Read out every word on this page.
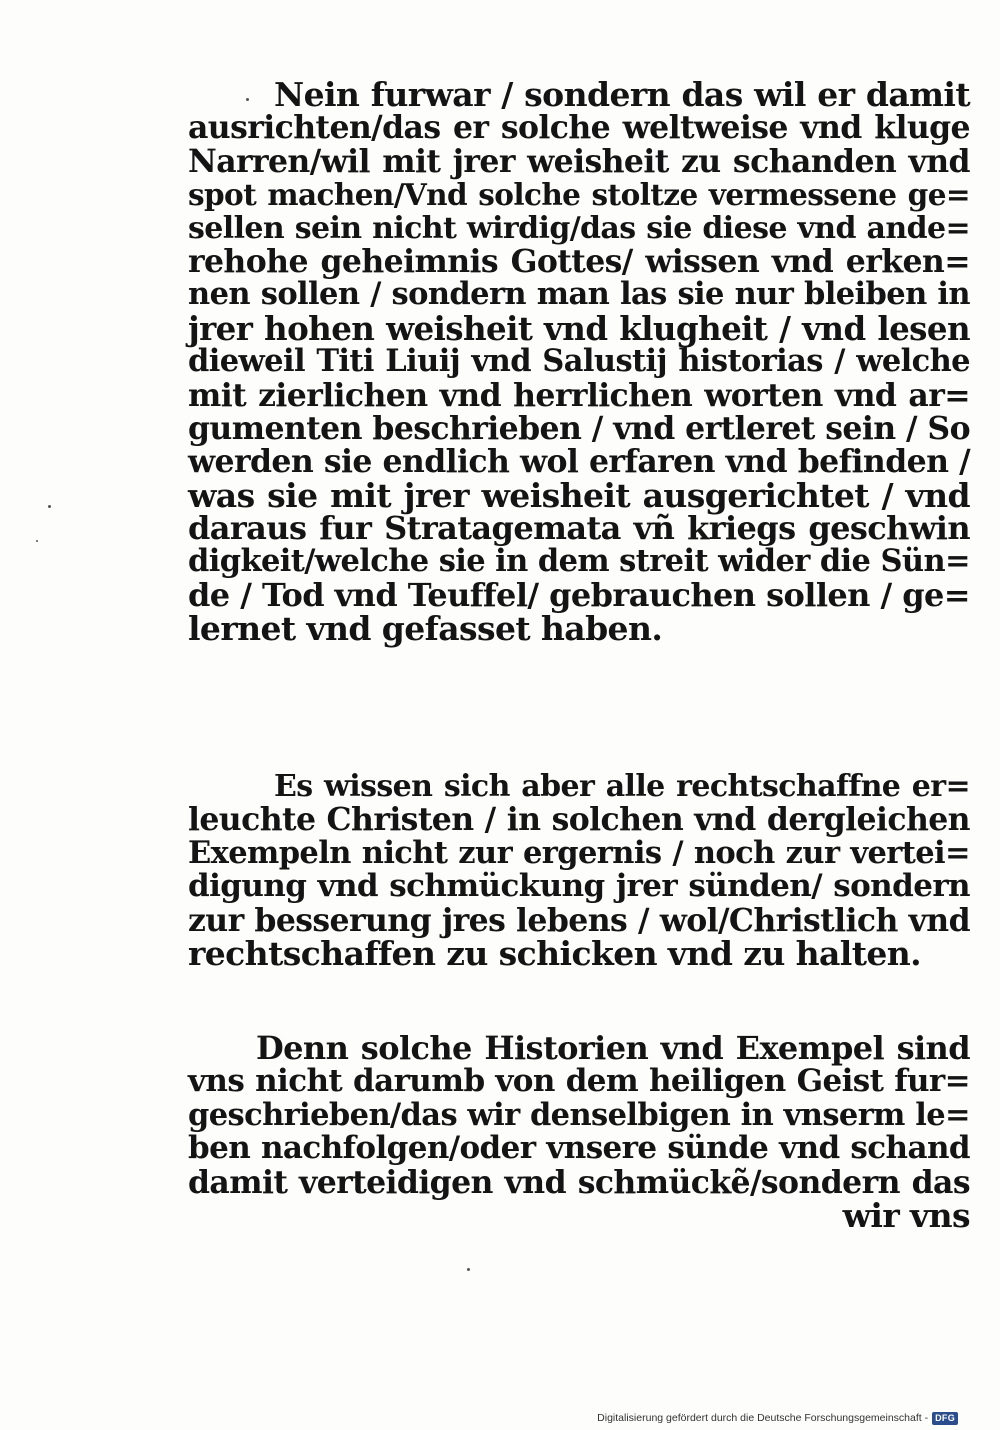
Nein furwar / sondern das wil er damit
ausrichten/das er solche weltweise vnd kluge
Narren/wil mit jrer weisheit zu schanden vnd
spot machen/Vnd solche stoltze vermessene ge=
sellen sein nicht wirdig/das sie diese vnd ande=
rehohe geheimnis Gottes/ wissen vnd erken=
nen sollen / sondern man las sie nur bleiben in
jrer hohen weisheit vnd klugheit / vnd lesen
dieweil Titi Liuij vnd Salustij historias / welche
mit zierlichen vnd herrlichen worten vnd ar=
gumenten beschrieben / vnd ertleret sein / So
werden sie endlich wol erfaren vnd befinden /
was sie mit jrer weisheit ausgerichtet / vnd
daraus fur Stratagemata vñ kriegs geschwin
digkeit/welche sie in dem streit wider die Sün=
de / Tod vnd Teuffel/ gebrauchen sollen / ge=
lernet vnd gefasset haben.
Es wissen sich aber alle rechtschaffne er=
leuchte Christen / in solchen vnd dergleichen
Exempeln nicht zur ergernis / noch zur vertei=
digung vnd schmückung jrer sünden/ sondern
zur besserung jres lebens / wol/Christlich vnd
rechtschaffen zu schicken vnd zu halten.
Denn solche Historien vnd Exempel sind
vns nicht darumb von dem heiligen Geist fur=
geschrieben/das wir denselbigen in vnserm le=
ben nachfolgen/oder vnsere sünde vnd schand
damit verteidigen vnd schmückẽ/sondern das
wir vns
Digitalisierung gefördert durch die Deutsche Forschungsgemeinschaft - DFG
